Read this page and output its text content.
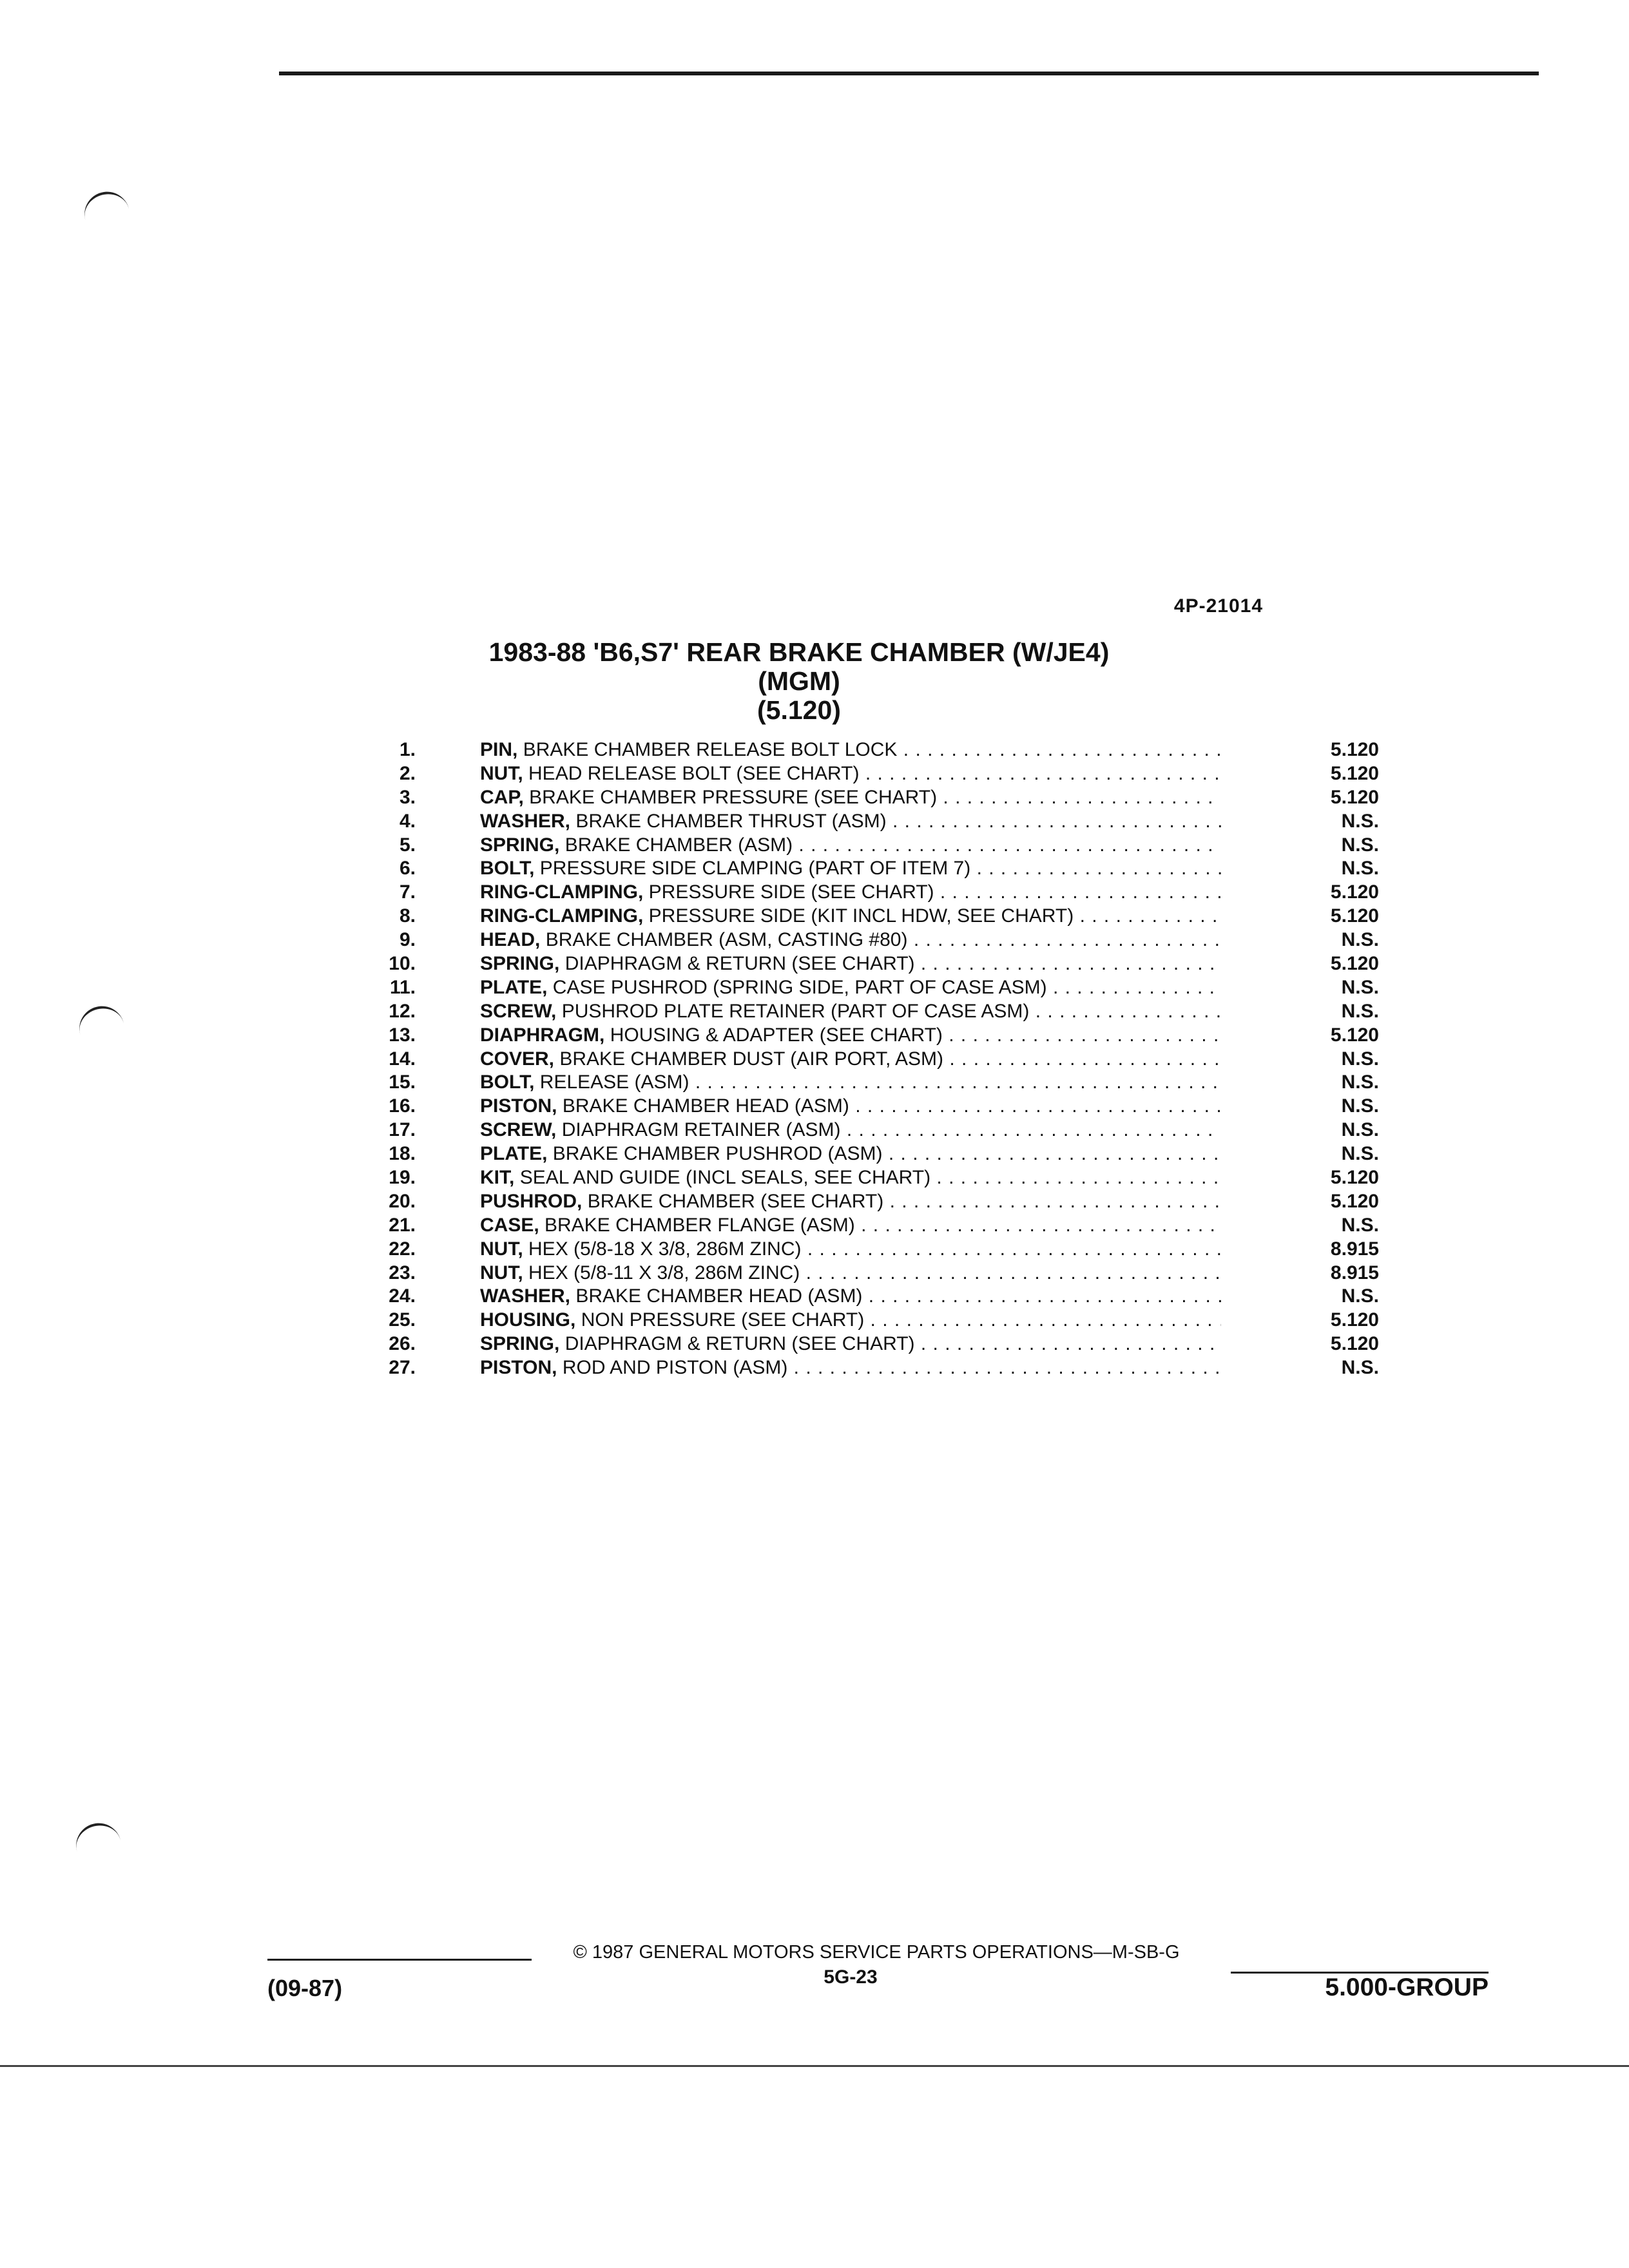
4P-21014
1983-88 'B6,S7' REAR BRAKE CHAMBER (W/JE4)
(MGM)
(5.120)
1.	PIN, BRAKE CHAMBER RELEASE BOLT LOCK . . .	5.120
2.	NUT, HEAD RELEASE BOLT (SEE CHART) . . .	5.120
3.	CAP, BRAKE CHAMBER PRESSURE (SEE CHART) . . .	5.120
4.	WASHER, BRAKE CHAMBER THRUST (ASM) . . .	N.S.
5.	SPRING, BRAKE CHAMBER (ASM) . . .	N.S.
6.	BOLT, PRESSURE SIDE CLAMPING (PART OF ITEM 7) . . .	N.S.
7.	RING-CLAMPING, PRESSURE SIDE (SEE CHART) . . .	5.120
8.	RING-CLAMPING, PRESSURE SIDE (KIT INCL HDW, SEE CHART) . . .	5.120
9.	HEAD, BRAKE CHAMBER (ASM, CASTING #80) . . .	N.S.
10.	SPRING, DIAPHRAGM & RETURN (SEE CHART) . . .	5.120
11.	PLATE, CASE PUSHROD (SPRING SIDE, PART OF CASE ASM) . . .	N.S.
12.	SCREW, PUSHROD PLATE RETAINER (PART OF CASE ASM) . . .	N.S.
13.	DIAPHRAGM, HOUSING & ADAPTER (SEE CHART) . . .	5.120
14.	COVER, BRAKE CHAMBER DUST (AIR PORT, ASM) . . .	N.S.
15.	BOLT, RELEASE (ASM) . . .	N.S.
16.	PISTON, BRAKE CHAMBER HEAD (ASM) . . .	N.S.
17.	SCREW, DIAPHRAGM RETAINER (ASM) . . .	N.S.
18.	PLATE, BRAKE CHAMBER PUSHROD (ASM) . . .	N.S.
19.	KIT, SEAL AND GUIDE (INCL SEALS, SEE CHART) . . .	5.120
20.	PUSHROD, BRAKE CHAMBER (SEE CHART) . . .	5.120
21.	CASE, BRAKE CHAMBER FLANGE (ASM) . . .	N.S.
22.	NUT, HEX (5/8-18 X 3/8, 286M ZINC) . . .	8.915
23.	NUT, HEX (5/8-11 X 3/8, 286M ZINC) . . .	8.915
24.	WASHER, BRAKE CHAMBER HEAD (ASM) . . .	N.S.
25.	HOUSING, NON PRESSURE (SEE CHART) . . .	5.120
26.	SPRING, DIAPHRAGM & RETURN (SEE CHART) . . .	5.120
27.	PISTON, ROD AND PISTON (ASM) . . .	N.S.
© 1987 GENERAL MOTORS SERVICE PARTS OPERATIONS—M-SB-G
(09-87)	5G-23	5.000-GROUP
